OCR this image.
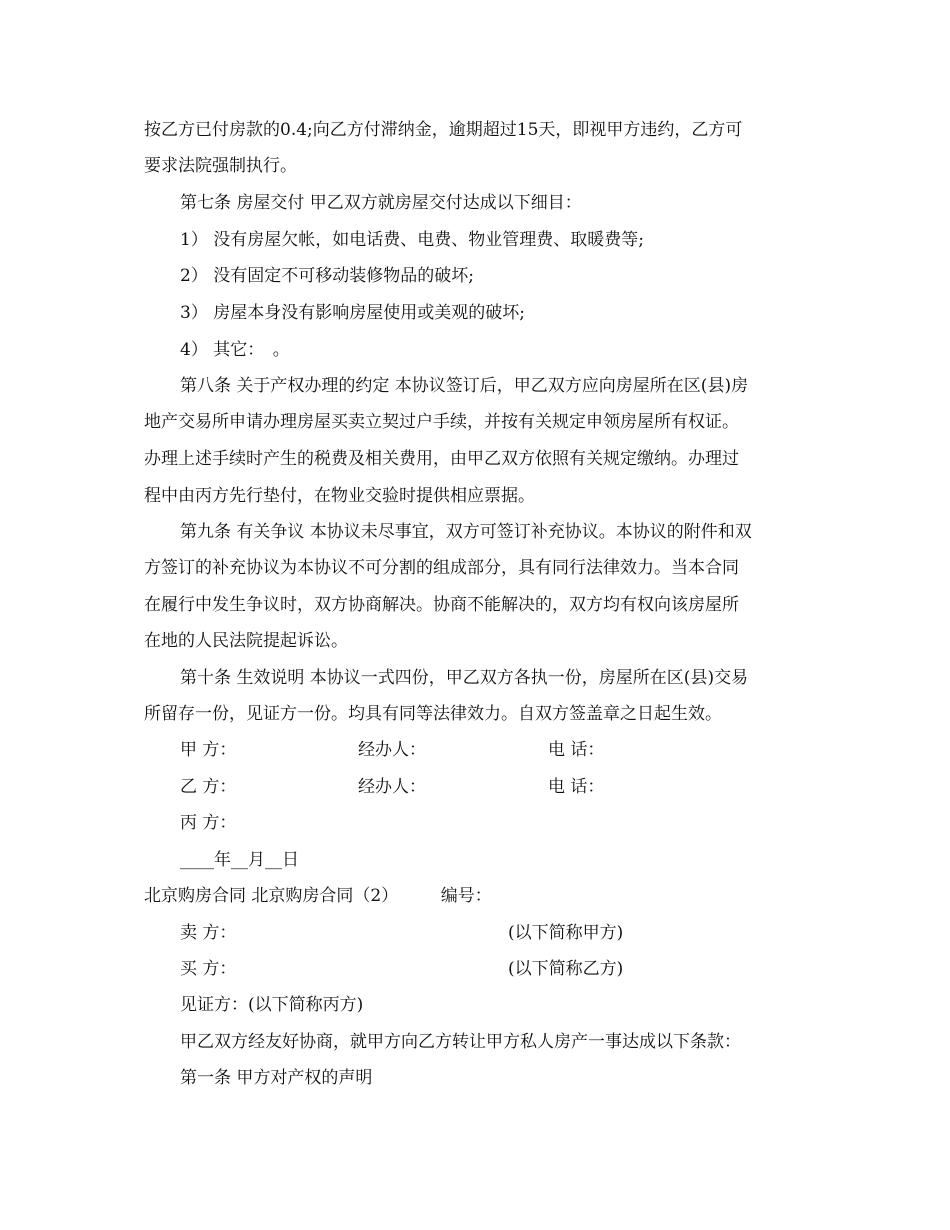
按乙方已付房款的0.4;向乙方付滞纳金，逾期超过15天，即视甲方违约，乙方可
要求法院强制执行。
第七条 房屋交付 甲乙双方就房屋交付达成以下细目：
1） 没有房屋欠帐，如电话费、电费、物业管理费、取暖费等;
2） 没有固定不可移动装修物品的破坏;
3） 房屋本身没有影响房屋使用或美观的破坏;
4） 其它：　。
第八条 关于产权办理的约定 本协议签订后，甲乙双方应向房屋所在区(县)房
地产交易所申请办理房屋买卖立契过户手续，并按有关规定申领房屋所有权证。
办理上述手续时产生的税费及相关费用，由甲乙双方依照有关规定缴纳。办理过
程中由丙方先行垫付，在物业交验时提供相应票据。
第九条 有关争议 本协议未尽事宜，双方可签订补充协议。本协议的附件和双
方签订的补充协议为本协议不可分割的组成部分，具有同行法律效力。当本合同
在履行中发生争议时，双方协商解决。协商不能解决的，双方均有权向该房屋所
在地的人民法院提起诉讼。
第十条 生效说明 本协议一式四份，甲乙双方各执一份，房屋所在区(县)交易
所留存一份，见证方一份。均具有同等法律效力。自双方签盖章之日起生效。
甲 方：	经办人：	电 话：
乙 方：	经办人：	电 话：
丙 方：
____年__月__日
北京购房合同 北京购房合同（2）　　　编号：
卖 方：	(以下简称甲方)
买 方：	(以下简称乙方)
见证方：(以下简称丙方)
甲乙双方经友好协商，就甲方向乙方转让甲方私人房产一事达成以下条款：
第一条 甲方对产权的声明
